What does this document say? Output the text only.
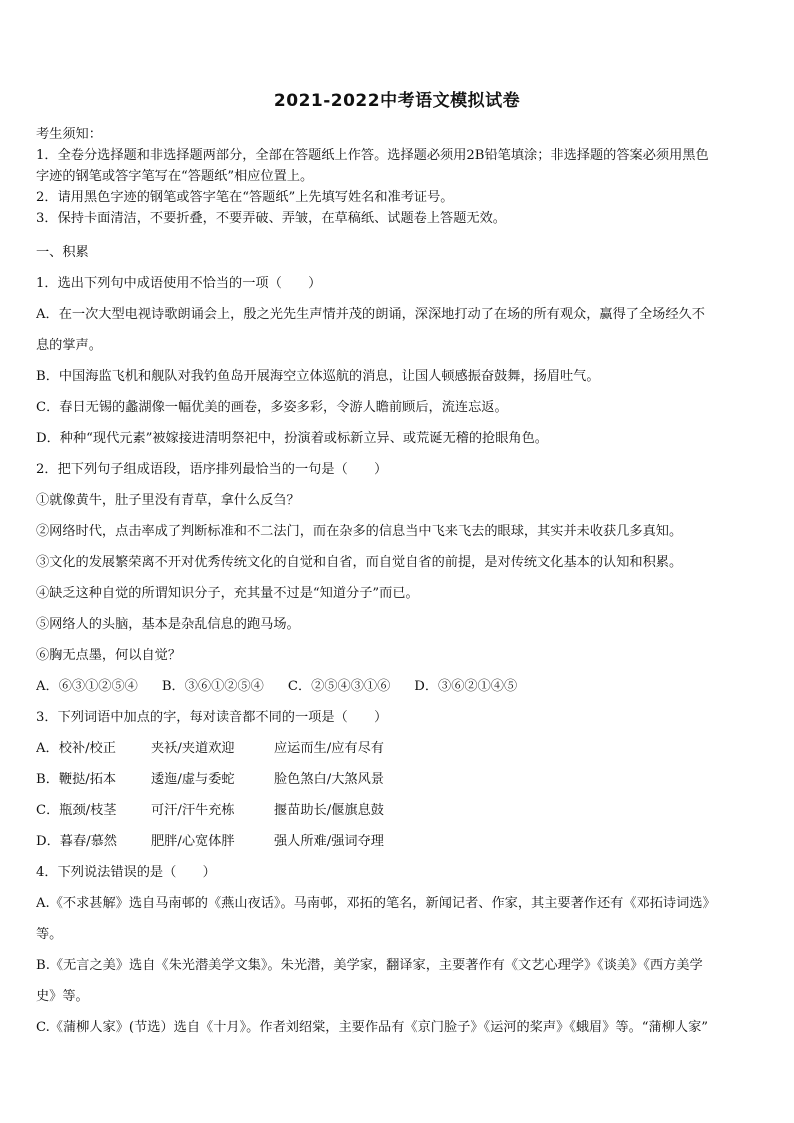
2021-2022中考语文模拟试卷
考生须知：
1．全卷分选择题和非选择题两部分，全部在答题纸上作答。选择题必须用2B铅笔填涂；非选择题的答案必须用黑色
字迹的钢笔或答字笔写在“答题纸”相应位置上。
2．请用黑色字迹的钢笔或答字笔在“答题纸”上先填写姓名和准考证号。
3．保持卡面清洁，不要折叠，不要弄破、弄皱，在草稿纸、试题卷上答题无效。
一、积累
1．选出下列句中成语使用不恰当的一项（　　）
A．在一次大型电视诗歌朗诵会上，殷之光先生声情并茂的朗诵，深深地打动了在场的所有观众，赢得了全场经久不
息的掌声。
B．中国海监飞机和舰队对我钓鱼岛开展海空立体巡航的消息，让国人顿感振奋鼓舞，扬眉吐气。
C．春日无锡的蠡湖像一幅优美的画卷，多姿多彩，令游人瞻前顾后，流连忘返。
D．种种“现代元素”被嫁接进清明祭祀中，扮演着或标新立异、或荒诞无稽的抢眼角色。
2．把下列句子组成语段，语序排列最恰当的一句是（　　）
①就像黄牛，肚子里没有青草，拿什么反刍？
②网络时代，点击率成了判断标准和不二法门，而在杂多的信息当中飞来飞去的眼球，其实并未收获几多真知。
③文化的发展繁荣离不开对优秀传统文化的自觉和自省，而自觉自省的前提，是对传统文化基本的认知和积累。
④缺乏这种自觉的所谓知识分子，充其量不过是“知道分子”而已。
⑤网络人的头脑，基本是杂乱信息的跑马场。
⑥胸无点墨，何以自觉？
A．⑥③①②⑤④ B．③⑥①②⑤④ C．②⑤④③①⑥ D．③⑥②①④⑤
3．下列词语中加点的字，每对读音都不同的一项是（　　）
A．校补/校正	夹袄/夹道欢迎	应运而生/应有尽有
B．鞭挞/拓本	逶迤/虚与委蛇	脸色煞白/大煞风景
C．瓶颈/枝茎	可汗/汗牛充栋	揠苗助长/偃旗息鼓
D．暮春/慕然	肥胖/心宽体胖	强人所难/强词夺理
4．下列说法错误的是（　　）
A.《不求甚解》选自马南邨的《燕山夜话》。马南邨，邓拓的笔名，新闻记者、作家，其主要著作还有《邓拓诗词选》
等。
B.《无言之美》选自《朱光潜美学文集》。朱光潜，美学家，翻译家，主要著作有《文艺心理学》《谈美》《西方美学
史》等。
C.《蒲柳人家》(节选）选自《十月》。作者刘绍棠，主要作品有《京门脸子》《运河的桨声》《蛾眉》等。“蒲柳人家”
